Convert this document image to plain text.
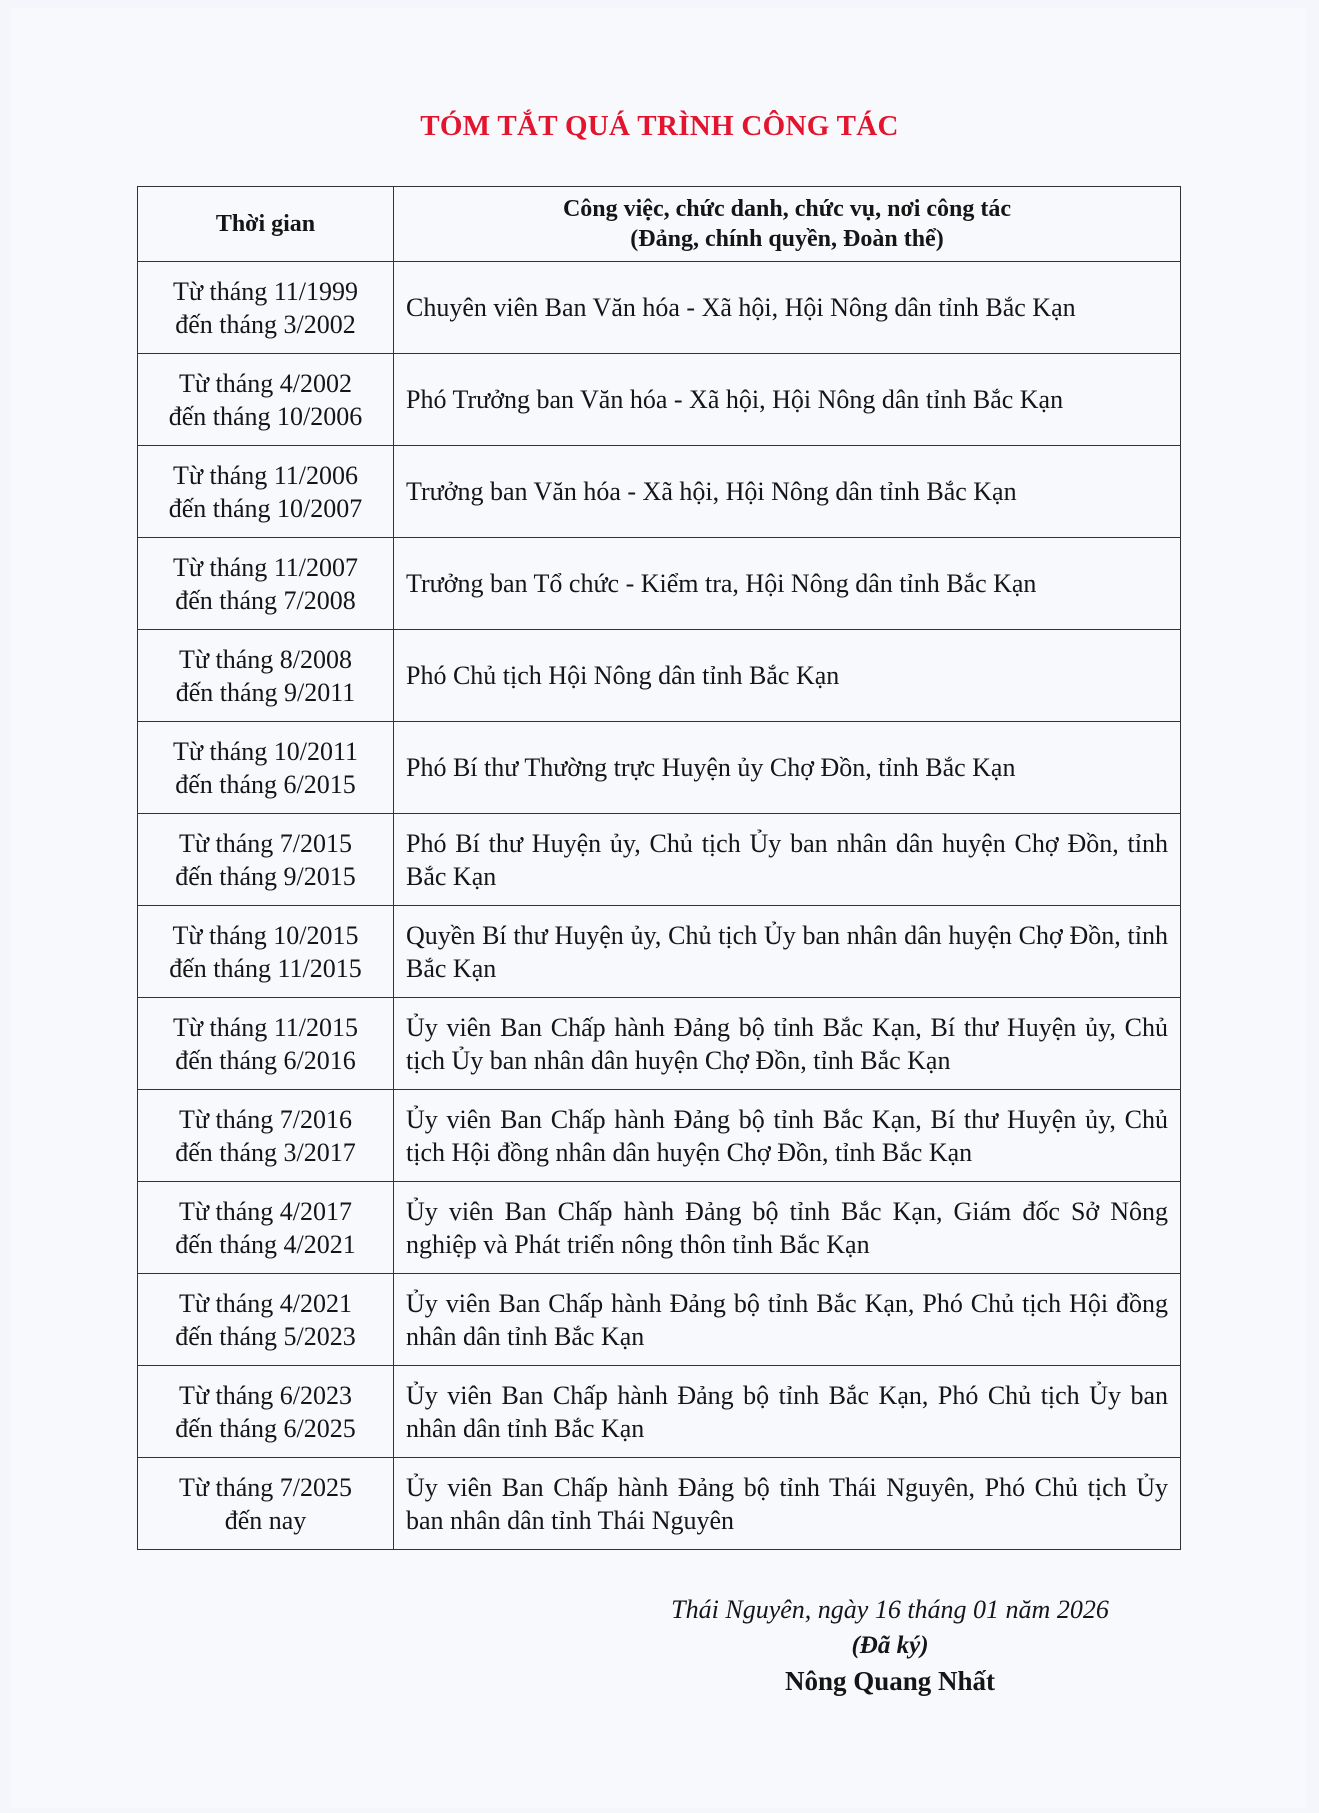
TÓM TẮT QUÁ TRÌNH CÔNG TÁC
Thời gian	Công việc, chức danh, chức vụ, nơi công tác
(Đảng, chính quyền, Đoàn thể)

Từ tháng 11/1999
đến tháng 3/2002	Chuyên viên Ban Văn hóa - Xã hội, Hội Nông dân tỉnh Bắc Kạn

Từ tháng 4/2002
đến tháng 10/2006	Phó Trưởng ban Văn hóa - Xã hội, Hội Nông dân tỉnh Bắc Kạn

Từ tháng 11/2006
đến tháng 10/2007	Trưởng ban Văn hóa - Xã hội, Hội Nông dân tỉnh Bắc Kạn

Từ tháng 11/2007
đến tháng 7/2008	Trưởng ban Tổ chức - Kiểm tra, Hội Nông dân tỉnh Bắc Kạn

Từ tháng 8/2008
đến tháng 9/2011	Phó Chủ tịch Hội Nông dân tỉnh Bắc Kạn

Từ tháng 10/2011
đến tháng 6/2015	Phó Bí thư Thường trực Huyện ủy Chợ Đồn, tỉnh Bắc Kạn

Từ tháng 7/2015
đến tháng 9/2015	Phó Bí thư Huyện ủy, Chủ tịch Ủy ban nhân dân huyện Chợ Đồn, tỉnh Bắc Kạn

Từ tháng 10/2015
đến tháng 11/2015	Quyền Bí thư Huyện ủy, Chủ tịch Ủy ban nhân dân huyện Chợ Đồn, tỉnh Bắc Kạn

Từ tháng 11/2015
đến tháng 6/2016	Ủy viên Ban Chấp hành Đảng bộ tỉnh Bắc Kạn, Bí thư Huyện ủy, Chủ tịch Ủy ban nhân dân huyện Chợ Đồn, tỉnh Bắc Kạn

Từ tháng 7/2016
đến tháng 3/2017	Ủy viên Ban Chấp hành Đảng bộ tỉnh Bắc Kạn, Bí thư Huyện ủy, Chủ tịch Hội đồng nhân dân huyện Chợ Đồn, tỉnh Bắc Kạn

Từ tháng 4/2017
đến tháng 4/2021	Ủy viên Ban Chấp hành Đảng bộ tỉnh Bắc Kạn, Giám đốc Sở Nông nghiệp và Phát triển nông thôn tỉnh Bắc Kạn

Từ tháng 4/2021
đến tháng 5/2023	Ủy viên Ban Chấp hành Đảng bộ tỉnh Bắc Kạn, Phó Chủ tịch Hội đồng nhân dân tỉnh Bắc Kạn

Từ tháng 6/2023
đến tháng 6/2025	Ủy viên Ban Chấp hành Đảng bộ tỉnh Bắc Kạn, Phó Chủ tịch Ủy ban nhân dân tỉnh Bắc Kạn

Từ tháng 7/2025
đến nay	Ủy viên Ban Chấp hành Đảng bộ tỉnh Thái Nguyên, Phó Chủ tịch Ủy ban nhân dân tỉnh Thái Nguyên
Thái Nguyên, ngày 16 tháng 01 năm 2026
(Đã ký)
Nông Quang Nhất
